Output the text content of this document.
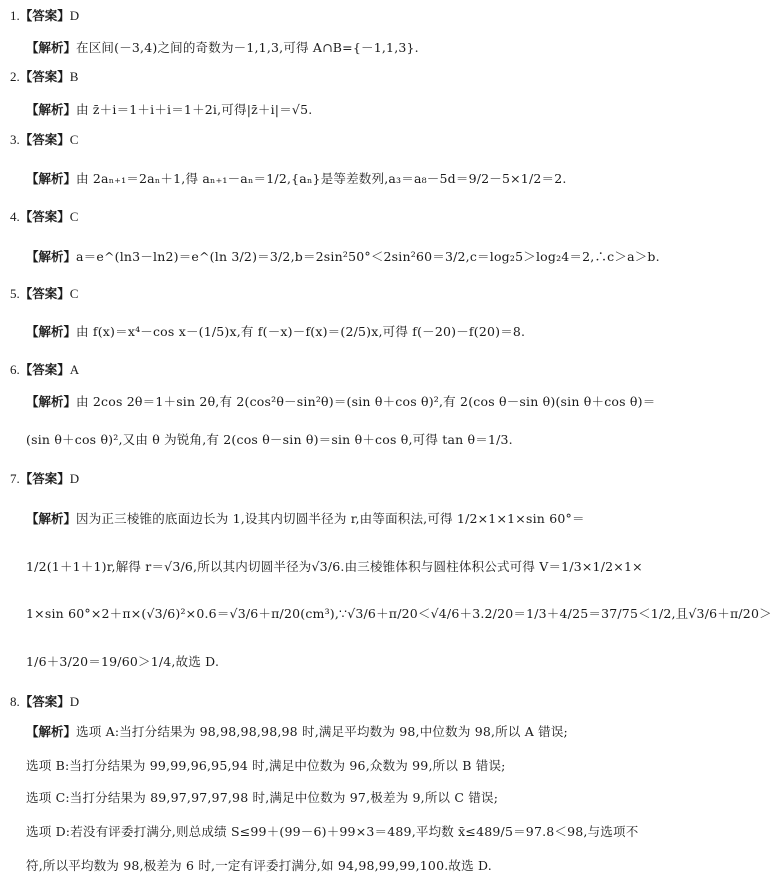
1.【答案】D
【解析】在区间(－3,4)之间的奇数为－1,1,3,可得 A∩B={－1,1,3}.
2.【答案】B
【解析】由 z̄＋i＝1＋i＋i＝1＋2i,可得|z̄＋i|＝√5.
3.【答案】C
【解析】由 2aₙ₊₁＝2aₙ＋1,得 aₙ₊₁－aₙ＝1/2,{aₙ}是等差数列,a₃＝a₈－5d＝9/2－5×1/2＝2.
4.【答案】C
【解析】a＝e^(ln3－ln2)＝e^(ln 3/2)＝3/2,b＝2sin²50°＜2sin²60＝3/2,c＝log₂5＞log₂4＝2,∴c＞a＞b.
5.【答案】C
【解析】由 f(x)＝x⁴－cos x－(1/5)x,有 f(－x)－f(x)＝(2/5)x,可得 f(－20)－f(20)＝8.
6.【答案】A
【解析】由 2cos 2θ＝1＋sin 2θ,有 2(cos²θ－sin²θ)＝(sin θ＋cos θ)²,有 2(cos θ－sin θ)(sin θ＋cos θ)＝
(sin θ＋cos θ)²,又由 θ 为锐角,有 2(cos θ－sin θ)＝sin θ＋cos θ,可得 tan θ＝1/3.
7.【答案】D
【解析】因为正三棱锥的底面边长为 1,设其内切圆半径为 r,由等面积法,可得 1/2×1×1×sin 60°＝
1/2(1＋1＋1)r,解得 r＝√3/6,所以其内切圆半径为√3/6.由三棱锥体积与圆柱体积公式可得 V＝1/3×1/2×1×
1×sin 60°×2＋π×(√3/6)²×0.6＝√3/6＋π/20(cm³),∵√3/6＋π/20＜√4/6＋3.2/20＝1/3＋4/25＝37/75＜1/2,且√3/6＋π/20＞
1/6＋3/20＝19/60＞1/4,故选 D.
8.【答案】D
【解析】选项 A:当打分结果为 98,98,98,98,98 时,满足平均数为 98,中位数为 98,所以 A 错误;
选项 B:当打分结果为 99,99,96,95,94 时,满足中位数为 96,众数为 99,所以 B 错误;
选项 C:当打分结果为 89,97,97,97,98 时,满足中位数为 97,极差为 9,所以 C 错误;
选项 D:若没有评委打满分,则总成绩 S≤99＋(99－6)＋99×3＝489,平均数 x̄≤489/5＝97.8＜98,与选项不
符,所以平均数为 98,极差为 6 时,一定有评委打满分,如 94,98,99,99,100.故选 D.
